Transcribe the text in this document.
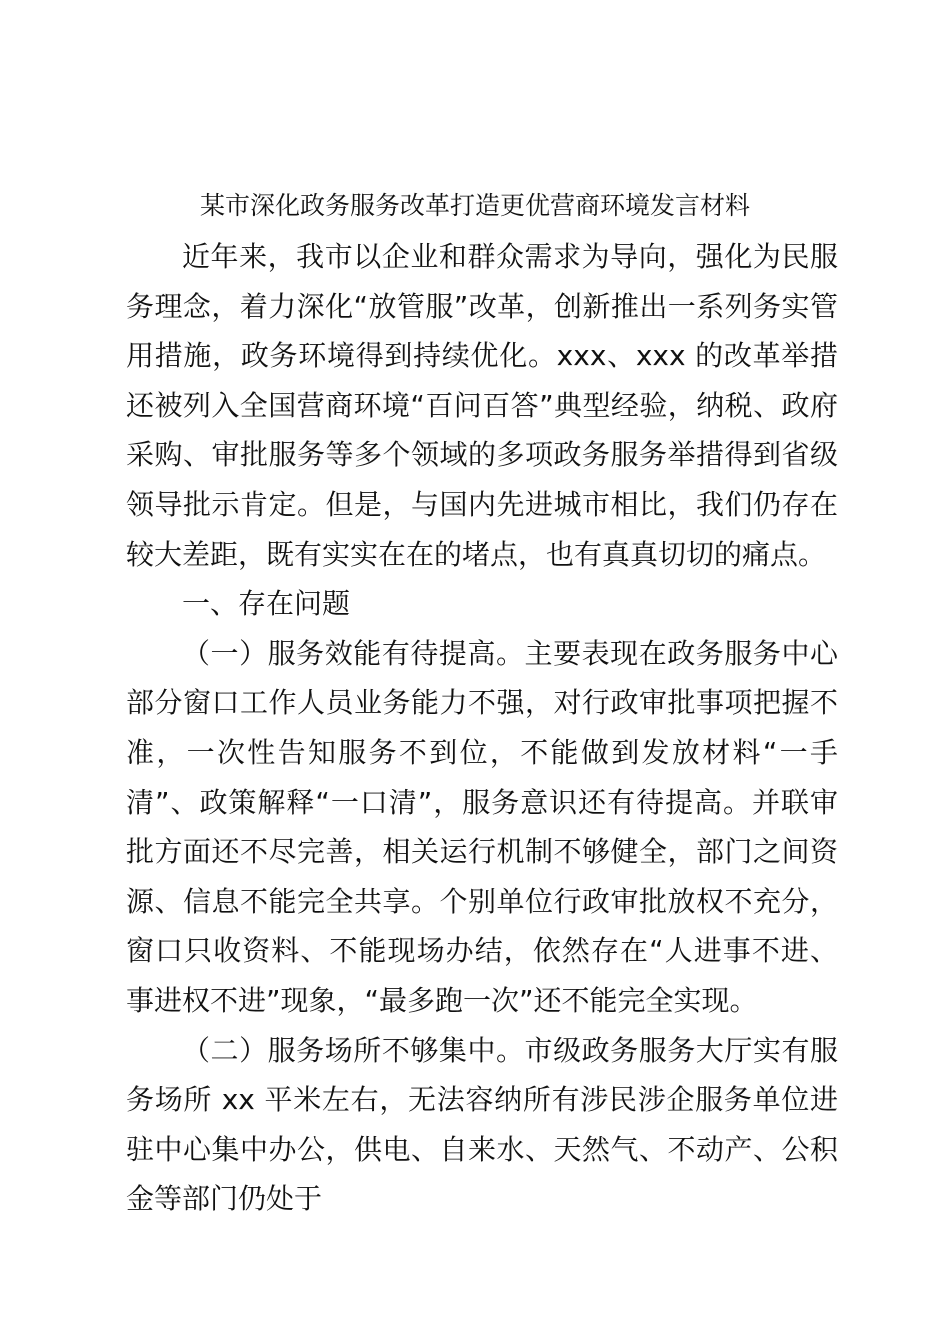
某市深化政务服务改革打造更优营商环境发言材料

近年来，我市以企业和群众需求为导向，强化为民服务理念，着力深化“放管服”改革，创新推出一系列务实管用措施，政务环境得到持续优化。xxx、xxx 的改革举措还被列入全国营商环境“百问百答”典型经验，纳税、政府采购、审批服务等多个领域的多项政务服务举措得到省级领导批示肯定。但是，与国内先进城市相比，我们仍存在较大差距，既有实实在在的堵点，也有真真切切的痛点。

一、存在问题

（一）服务效能有待提高。主要表现在政务服务中心部分窗口工作人员业务能力不强，对行政审批事项把握不准，一次性告知服务不到位，不能做到发放材料“一手清”、政策解释“一口清”，服务意识还有待提高。并联审批方面还不尽完善，相关运行机制不够健全，部门之间资源、信息不能完全共享。个别单位行政审批放权不充分，窗口只收资料、不能现场办结，依然存在“人进事不进、事进权不进”现象，“最多跑一次”还不能完全实现。

（二）服务场所不够集中。市级政务服务大厅实有服务场所 xx 平米左右，无法容纳所有涉民涉企服务单位进驻中心集中办公，供电、自来水、天然气、不动产、公积金等部门仍处于
